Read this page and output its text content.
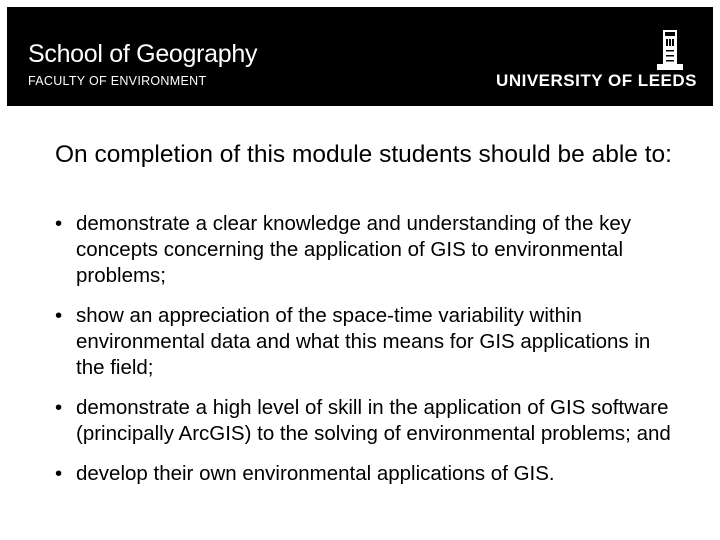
School of Geography
FACULTY OF ENVIRONMENT	UNIVERSITY OF LEEDS
On completion of this module students should be able to:
• demonstrate a clear knowledge and understanding of the key concepts concerning the application of GIS to environmental problems;
• show an appreciation of the space-time variability within environmental data and what this means for GIS applications in the field;
• demonstrate a high level of skill in the application of GIS software (principally ArcGIS) to the solving of environmental problems; and
• develop their own environmental applications of GIS.
